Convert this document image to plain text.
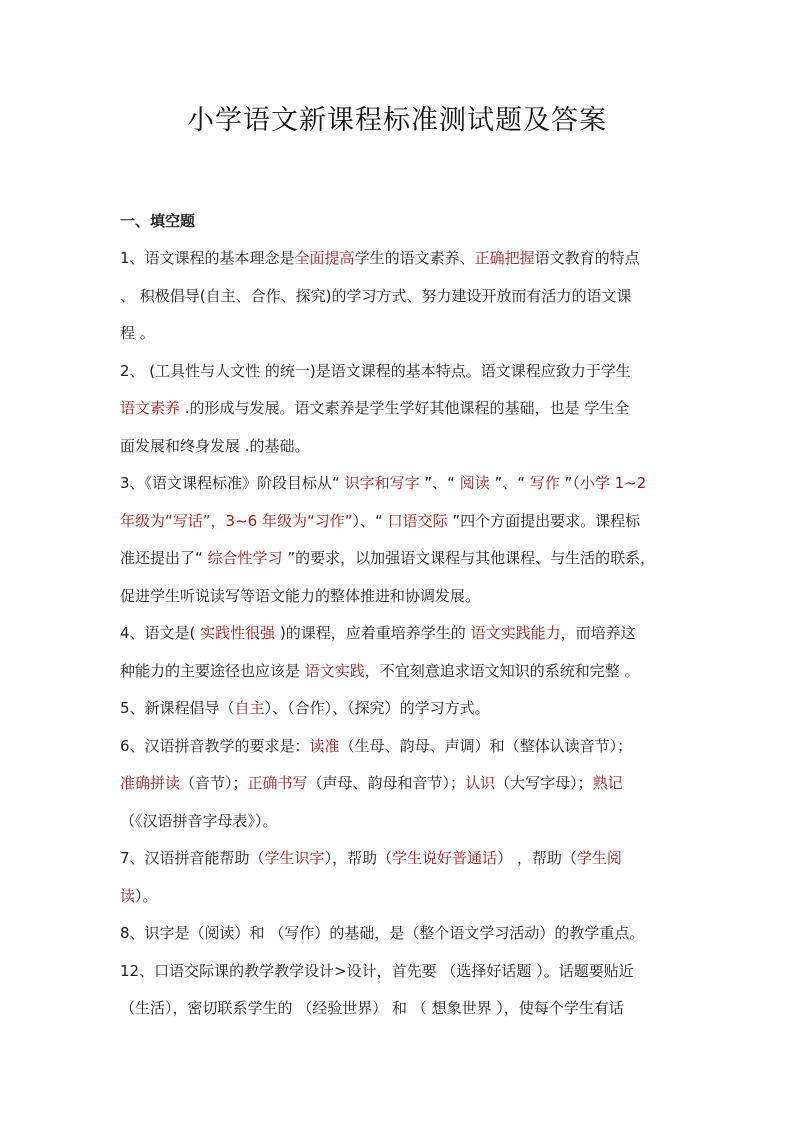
小学语文新课程标准测试题及答案
一、填空题

1、语文课程的基本理念是全面提高学生的语文素养、正确把握语文教育的特点

、 积极倡导(自主、合作、探究)的学习方式、努力建设开放而有活力的语文课

程 。

2、 (工具性与人文性 的统一)是语文课程的基本特点。语文课程应致力于学生

语文素养 .的形成与发展。语文素养是学生学好其他课程的基础，也是 学生全

面发展和终身发展 .的基础。

3、《语文课程标准》阶段目标从“ 识字和写字 ”、“ 阅读 ”、“ 写作 ”（小学 1~2

年级为“写话”，3~6 年级为“习作”）、“ 口语交际 ”四个方面提出要求。课程标

准还提出了“ 综合性学习 ”的要求，以加强语文课程与其他课程、与生活的联系，

促进学生听说读写等语文能力的整体推进和协调发展。

4、语文是( 实践性很强 )的课程，应着重培养学生的 语文实践能力，而培养这

种能力的主要途径也应该是 语文实践，不宜刻意追求语文知识的系统和完整 。

5、新课程倡导（自主）、（合作）、（探究）的学习方式。

6、汉语拼音教学的要求是：读准（生母、韵母、声调）和（整体认读音节）；

准确拼读（音节）；正确书写（声母、韵母和音节）；认识（大写字母）；熟记

（《汉语拼音字母表》）。

7、汉语拼音能帮助（学生识字），帮助（学生说好普通话） ，帮助（学生阅

读）。

8、识字是（阅读）和 （写作）的基础，是（整个语文学习活动）的教学重点。

12、口语交际课的教学教学设计>设计，首先要 （选择好话题 ）。话题要贴近

（生活），密切联系学生的 （经验世界） 和 （ 想象世界 ），使每个学生有话
